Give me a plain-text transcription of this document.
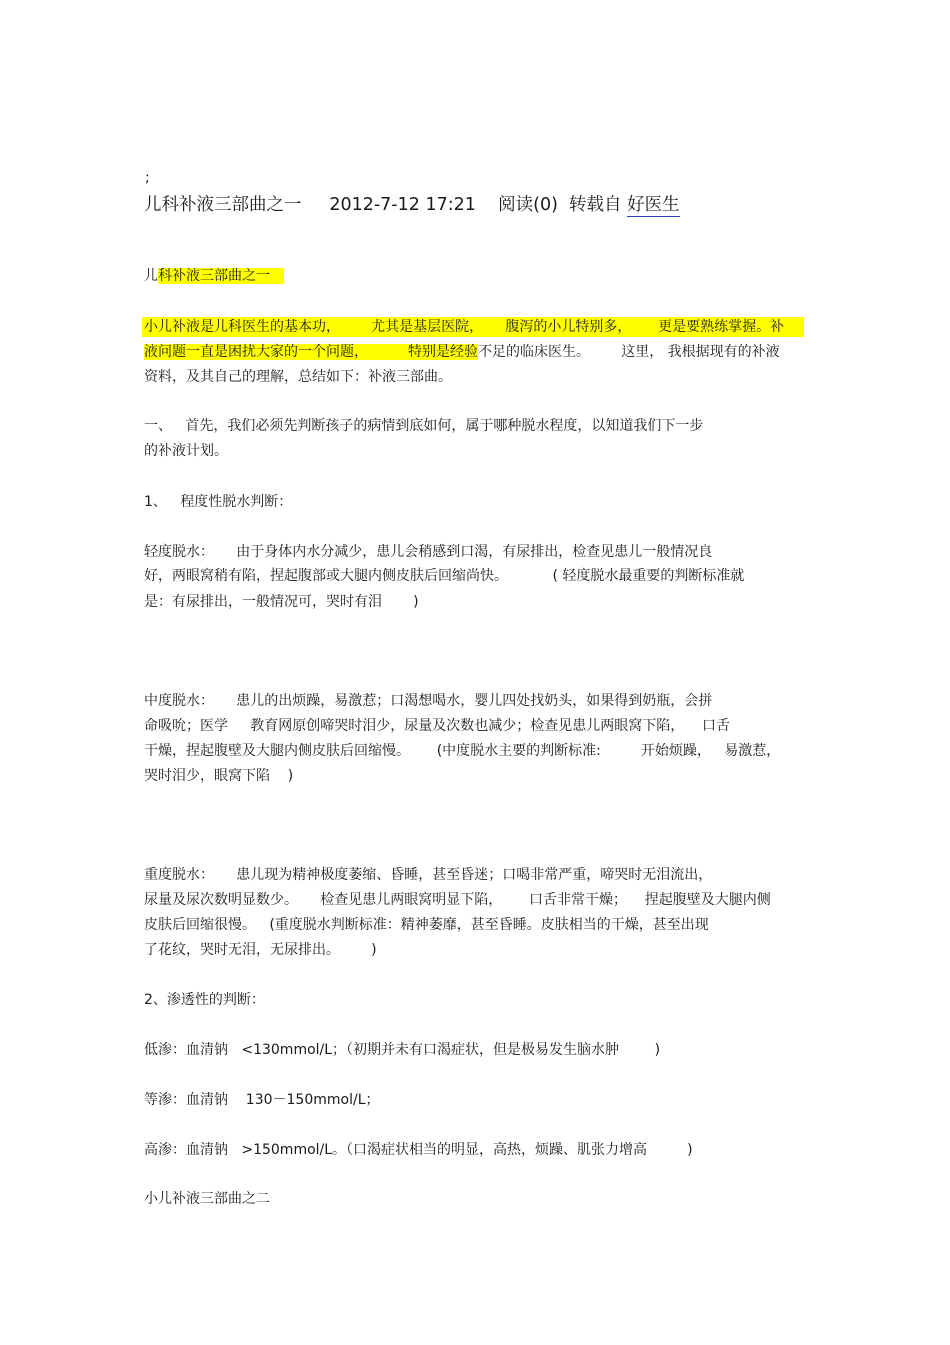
;
儿科补液三部曲之一     2012-7-12 17:21    阅读(0)  转载自 好医生
儿科补液三部曲之一
小儿补液是儿科医生的基本功，       尤其是基层医院，     腹泻的小儿特别多，      更是要熟练掌握。补
液问题一直是困扰大家的一个问题，         特别是经验不足的临床医生。       这里， 我根据现有的补液
资料，及其自己的理解，总结如下：补液三部曲。
一、   首先，我们必须先判断孩子的病情到底如何，属于哪种脱水程度，以知道我们下一步
的补液计划。
1、   程度性脱水判断：
轻度脱水：     由于身体内水分减少，患儿会稍感到口渴，有尿排出，检查见患儿一般情况良
好，两眼窝稍有陷，捏起腹部或大腿内侧皮肤后回缩尚快。          ( 轻度脱水最重要的判断标准就
是：有尿排出，一般情况可，哭时有泪       )
中度脱水：     患儿的出烦躁，易激惹；口渴想喝水，婴儿四处找奶头，如果得到奶瓶，会拼
命吸吮；医学     教育网原创啼哭时泪少，尿量及次数也减少；检查见患儿两眼窝下陷，    口舌
干燥，捏起腹壁及大腿内侧皮肤后回缩慢。      (中度脱水主要的判断标准:         开始烦躁，   易激惹，
哭时泪少，眼窝下陷    )
重度脱水：     患儿现为精神极度萎缩、昏睡，甚至昏迷；口喝非常严重，啼哭时无泪流出，
尿量及尿次数明显数少。     检查见患儿两眼窝明显下陷，      口舌非常干燥；    捏起腹壁及大腿内侧
皮肤后回缩很慢。   (重度脱水判断标准：精神萎靡，甚至昏睡。皮肤相当的干燥，甚至出现
了花纹，哭时无泪，无尿排出。       )
2、渗透性的判断：
低渗：血清钠   <130mmol/L；（初期并未有口渴症状，但是极易发生脑水肿        )
等渗：血清钠    130－150mmol/L；
高渗：血清钠   >150mmol/L。（口渴症状相当的明显，高热，烦躁、肌张力增高         )
小儿补液三部曲之二
